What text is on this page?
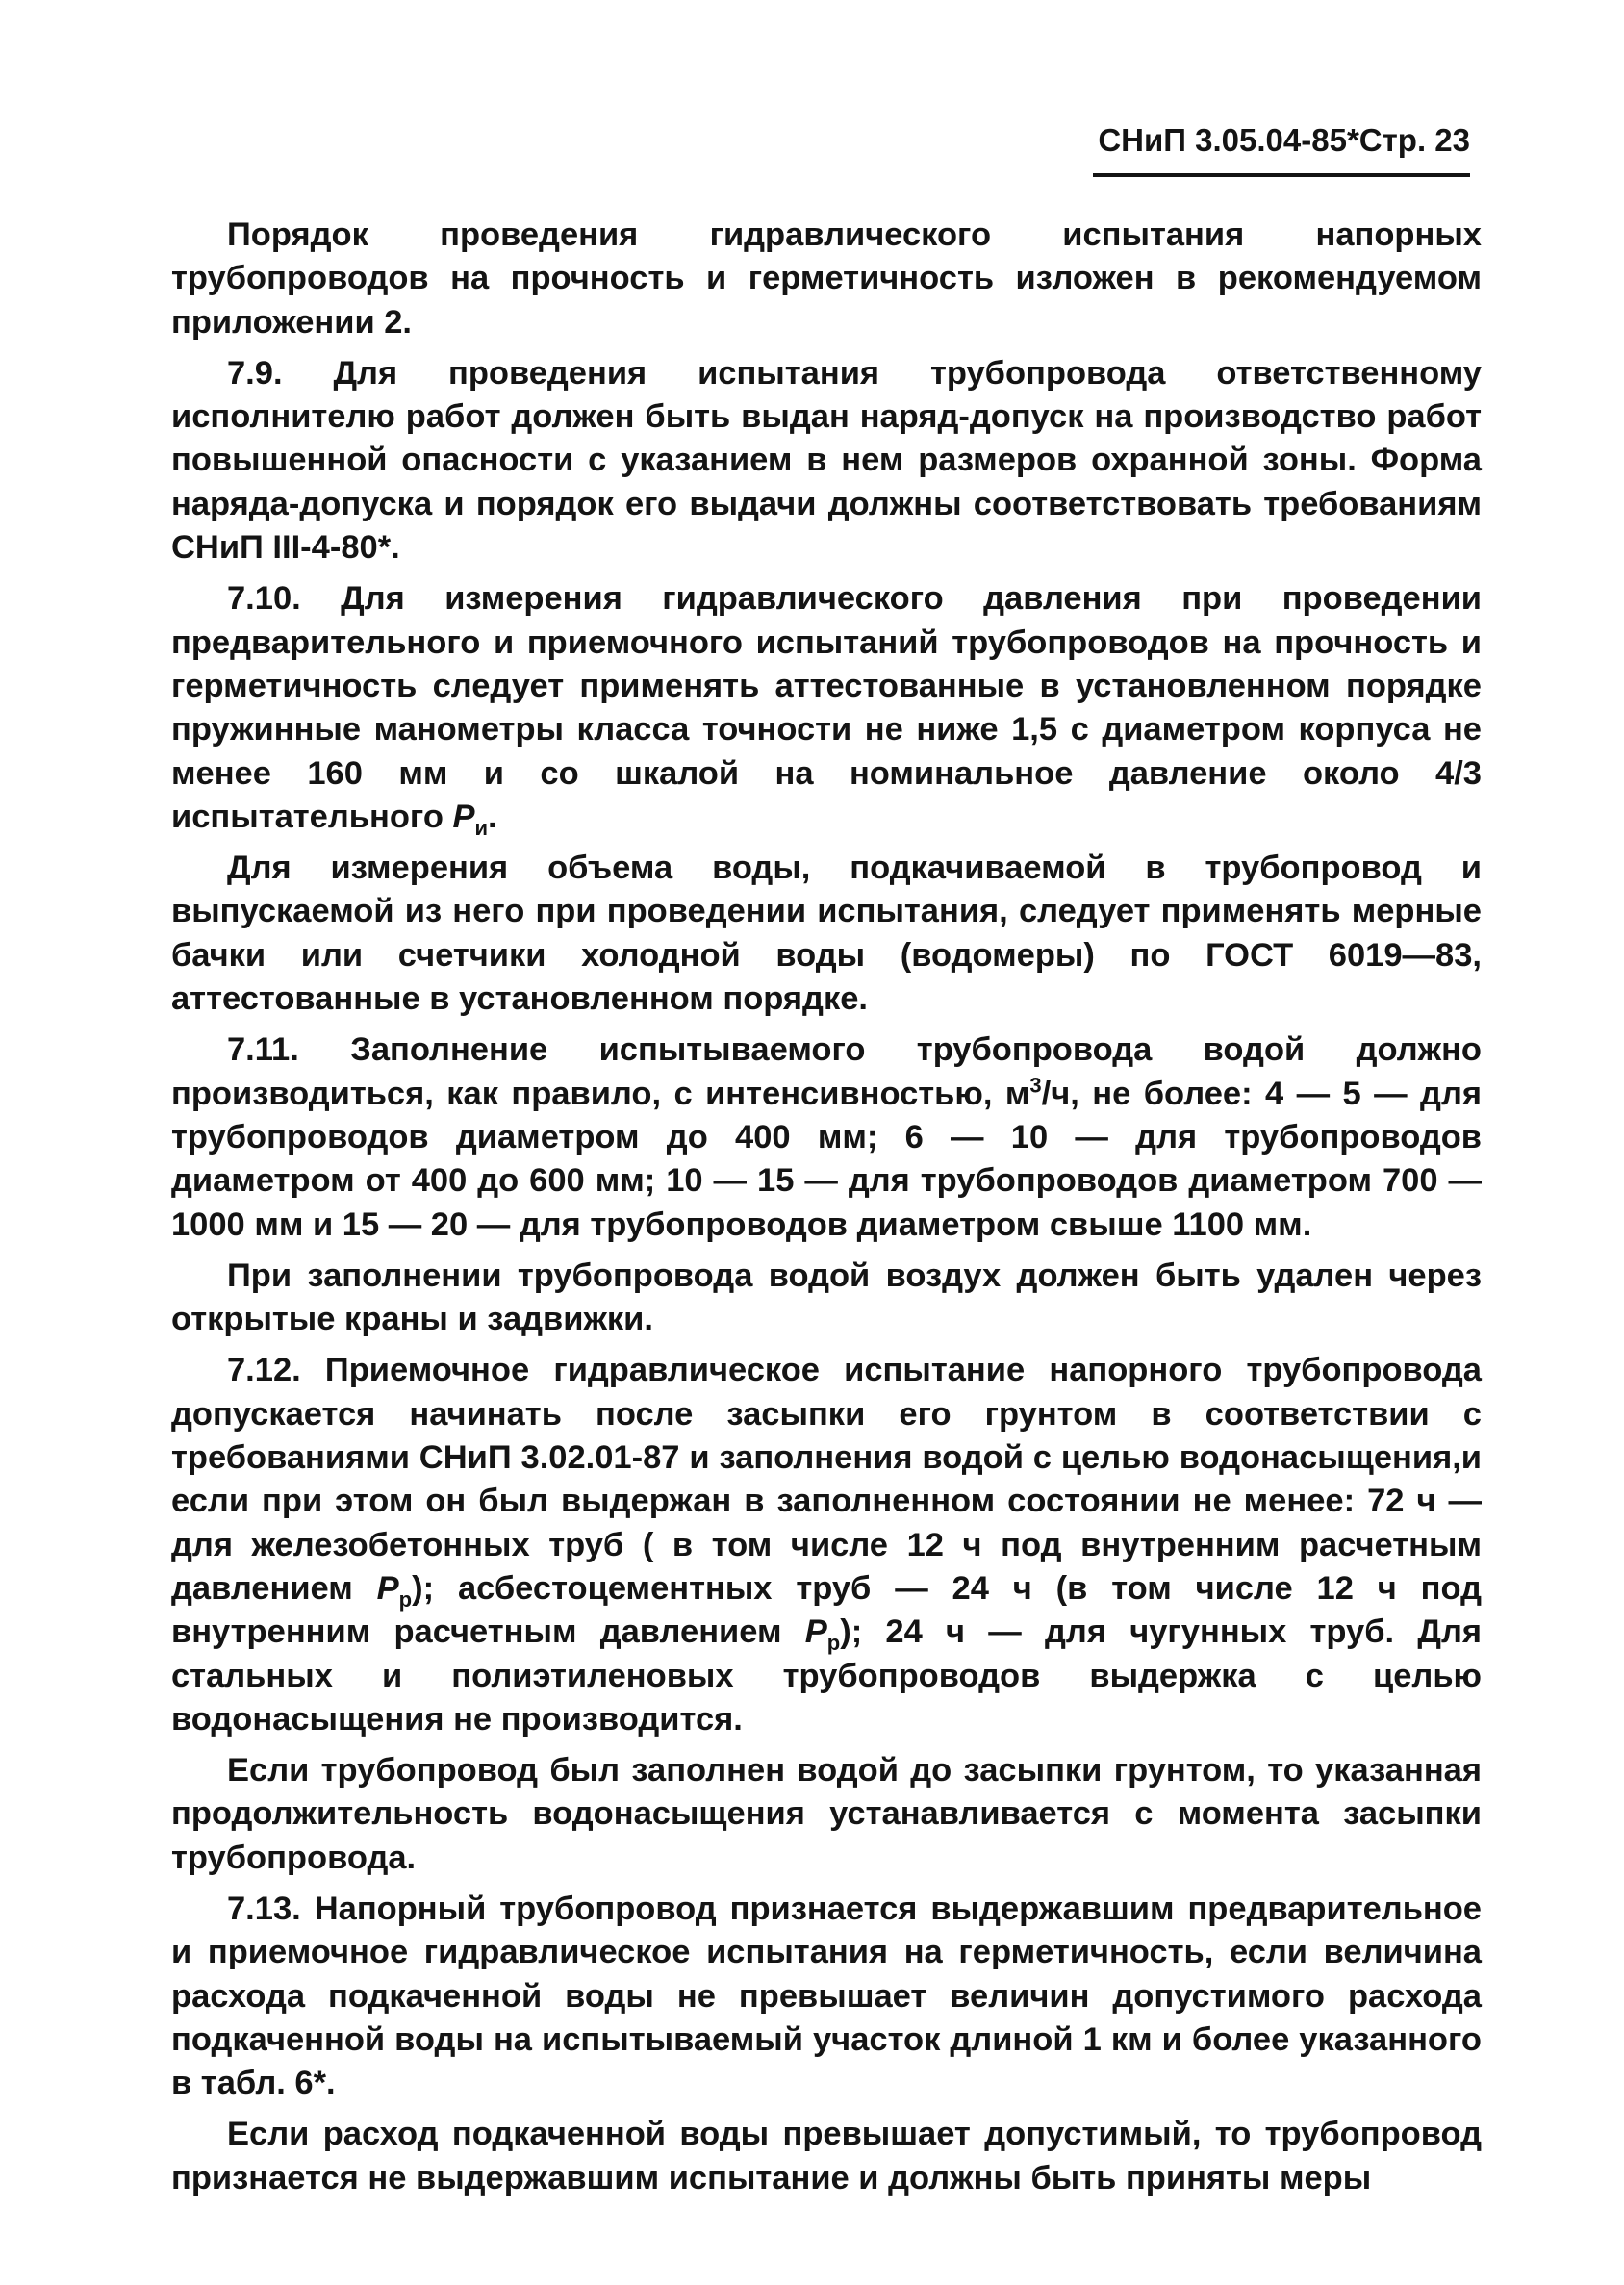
СНиП 3.05.04-85*Стр. 23

Порядок проведения гидравлического испытания напорных трубопроводов на прочность и герметичность изложен в рекомендуемом приложении 2.

7.9. Для проведения испытания трубопровода ответственному исполнителю работ должен быть выдан наряд-допуск на производство работ повышенной опасности с указанием в нем размеров охранной зоны. Форма наряда-допуска и порядок его выдачи должны соответствовать требованиям СНиП III-4-80*.

7.10. Для измерения гидравлического давления при проведении предварительного и приемочного испытаний трубопроводов на прочность и герметичность следует применять аттестованные в установленном порядке пружинные манометры класса точности не ниже 1,5 с диаметром корпуса не менее 160 мм и со шкалой на номинальное давление около 4/3 испытательного $P_и$.

Для измерения объема воды, подкачиваемой в трубопровод и выпускаемой из него при проведении испытания, следует применять мерные бачки или счетчики холодной воды (водомеры) по ГОСТ 6019—83, аттестованные в установленном порядке.

7.11. Заполнение испытываемого трубопровода водой должно производиться, как правило, с интенсивностью, $м^3/ч$, не более: 4 — 5 — для трубопроводов диаметром до 400 мм; 6 — 10 — для трубопроводов диаметром от 400 до 600 мм; 10 — 15 — для трубопроводов диаметром 700 — 1000 мм и 15 — 20 — для трубопроводов диаметром свыше 1100 мм.

При заполнении трубопровода водой воздух должен быть удален через открытые краны и задвижки.

7.12. Приемочное гидравлическое испытание напорного трубопровода допускается начинать после засыпки его грунтом в соответствии с требованиями СНиП 3.02.01-87 и заполнения водой с целью водонасыщения,и если при этом он был выдержан в заполненном состоянии не менее: 72 ч — для железобетонных труб ( в том числе 12 ч под внутренним расчетным давлением $P_р$); асбестоцементных труб — 24 ч (в том числе 12 ч под внутренним расчетным давлением $P_р$); 24 ч — для чугунных труб. Для стальных и полиэтиленовых трубопроводов выдержка с целью водонасыщения не производится.

Если трубопровод был заполнен водой до засыпки грунтом, то указанная продолжительность водонасыщения устанавливается с момента засыпки трубопровода.

7.13. Напорный трубопровод признается выдержавшим предварительное и приемочное гидравлическое испытания на герметичность, если величина расхода подкаченной воды не превышает величин допустимого расхода подкаченной воды на испытываемый участок длиной 1 км и более указанного в табл. 6*.

Если расход подкаченной воды превышает допустимый, то трубопровод признается не выдержавшим испытание и должны быть приняты меры
